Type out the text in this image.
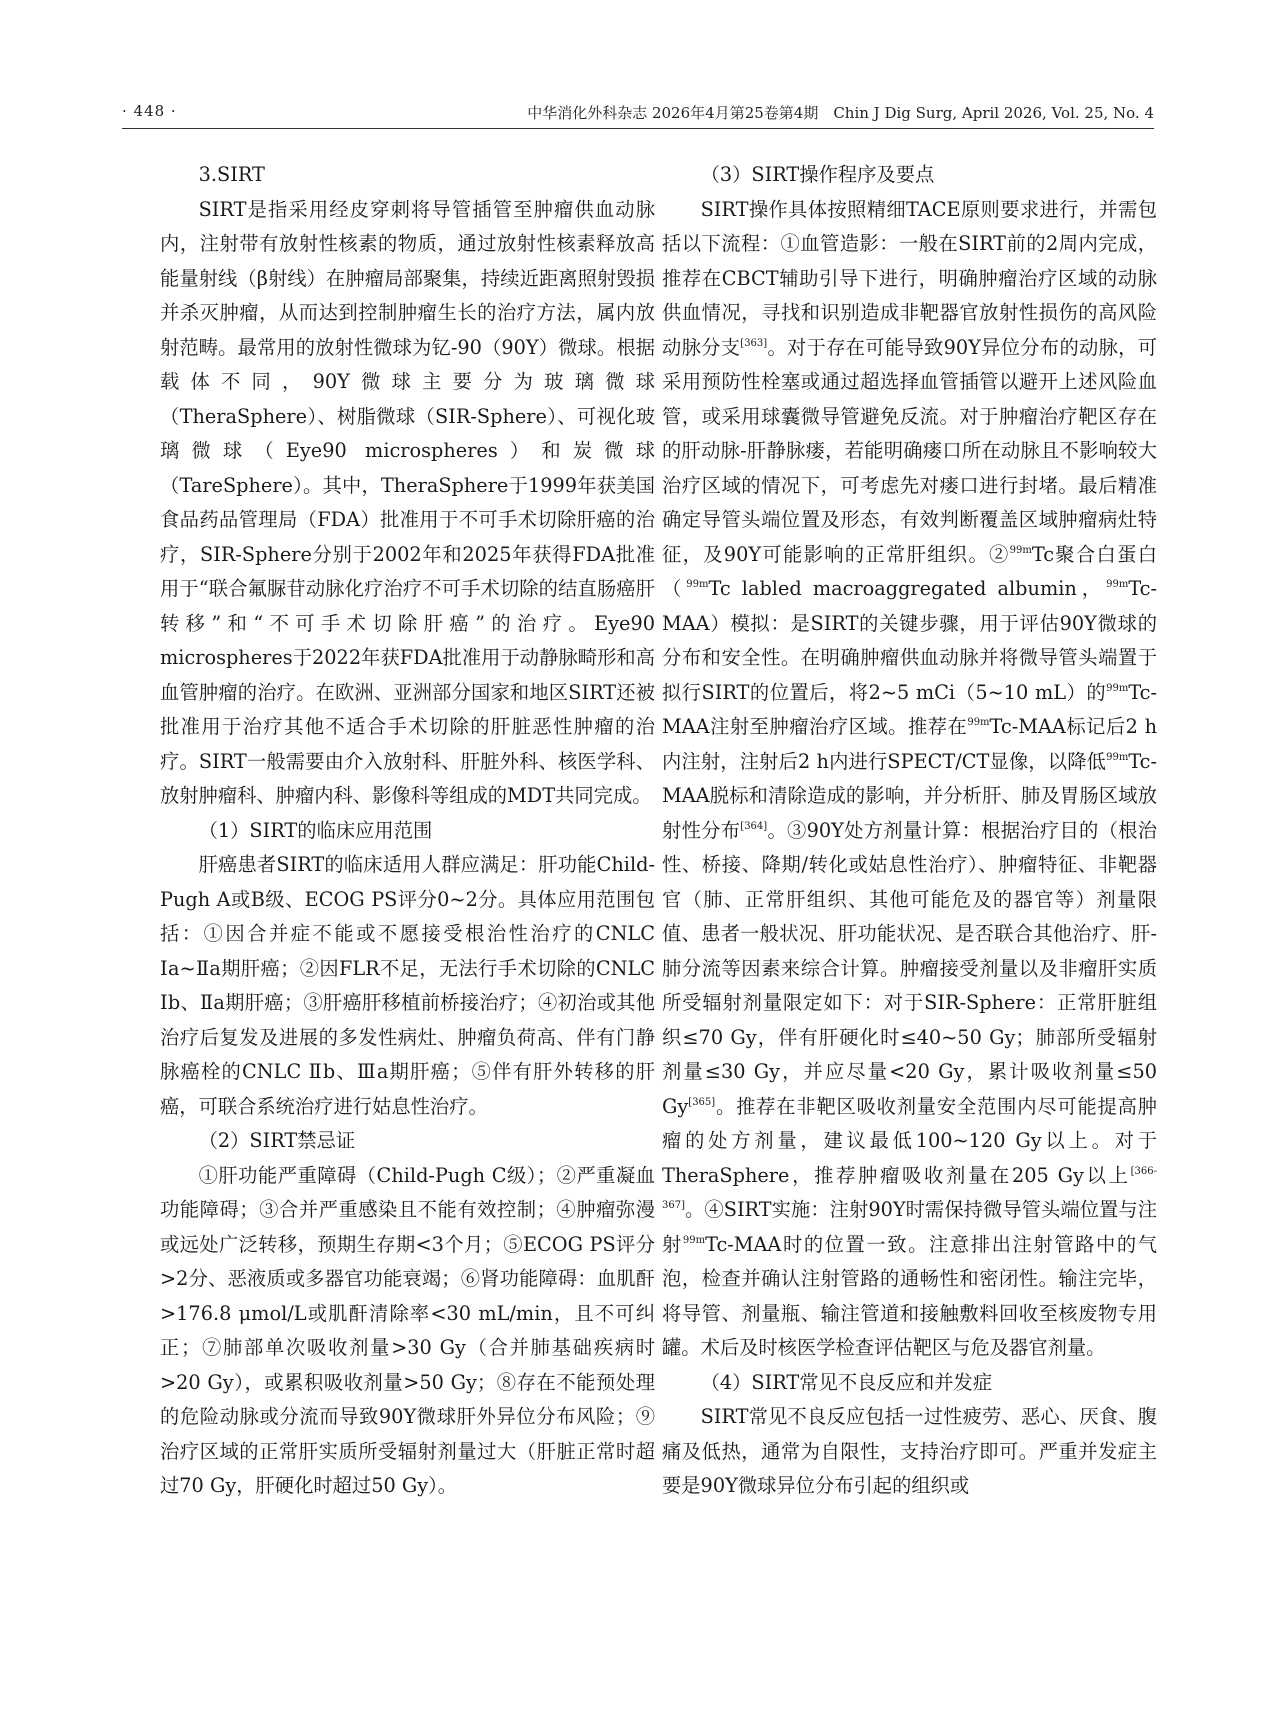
· 448 ·	中华消化外科杂志 2026年4月第25卷第4期　Chin J Dig Surg, April 2026, Vol. 25, No. 4

3.SIRT

SIRT是指采用经皮穿刺将导管插管至肿瘤供血动脉内，注射带有放射性核素的物质，通过放射性核素释放高能量射线（β射线）在肿瘤局部聚集，持续近距离照射毁损并杀灭肿瘤，从而达到控制肿瘤生长的治疗方法，属内放射范畴。最常用的放射性微球为钇-90（90Y）微球。根据载体不同，90Y微球主要分为玻璃微球（TheraSphere）、树脂微球（SIR-Sphere）、可视化玻璃微球（Eye90 microspheres）和炭微球（TareSphere）。其中，TheraSphere于1999年获美国食品药品管理局（FDA）批准用于不可手术切除肝癌的治疗，SIR-Sphere分别于2002年和2025年获得FDA批准用于“联合氟脲苷动脉化疗治疗不可手术切除的结直肠癌肝转移”和“不可手术切除肝癌”的治疗。Eye90 microspheres于2022年获FDA批准用于动静脉畸形和高血管肿瘤的治疗。在欧洲、亚洲部分国家和地区SIRT还被批准用于治疗其他不适合手术切除的肝脏恶性肿瘤的治疗。SIRT一般需要由介入放射科、肝脏外科、核医学科、放射肿瘤科、肿瘤内科、影像科等组成的MDT共同完成。

（1）SIRT的临床应用范围

肝癌患者SIRT的临床适用人群应满足：肝功能Child-Pugh A或B级、ECOG PS评分0~2分。具体应用范围包括：①因合并症不能或不愿接受根治性治疗的CNLC Ⅰa~Ⅱa期肝癌；②因FLR不足，无法行手术切除的CNLC Ⅰb、Ⅱa期肝癌；③肝癌肝移植前桥接治疗；④初治或其他治疗后复发及进展的多发性病灶、肿瘤负荷高、伴有门静脉癌栓的CNLC Ⅱb、Ⅲa期肝癌；⑤伴有肝外转移的肝癌，可联合系统治疗进行姑息性治疗。

（2）SIRT禁忌证

①肝功能严重障碍（Child-Pugh C级）；②严重凝血功能障碍；③合并严重感染且不能有效控制；④肿瘤弥漫或远处广泛转移，预期生存期<3个月；⑤ECOG PS评分>2分、恶液质或多器官功能衰竭；⑥肾功能障碍：血肌酐>176.8 μmol/L或肌酐清除率<30 mL/min，且不可纠正；⑦肺部单次吸收剂量>30 Gy（合并肺基础疾病时>20 Gy），或累积吸收剂量>50 Gy；⑧存在不能预处理的危险动脉或分流而导致90Y微球肝外异位分布风险；⑨治疗区域的正常肝实质所受辐射剂量过大（肝脏正常时超过70 Gy，肝硬化时超过50 Gy）。

（3）SIRT操作程序及要点

SIRT操作具体按照精细TACE原则要求进行，并需包括以下流程：①血管造影：一般在SIRT前的2周内完成，推荐在CBCT辅助引导下进行，明确肿瘤治疗区域的动脉供血情况，寻找和识别造成非靶器官放射性损伤的高风险动脉分支[363]。对于存在可能导致90Y异位分布的动脉，可采用预防性栓塞或通过超选择血管插管以避开上述风险血管，或采用球囊微导管避免反流。对于肿瘤治疗靶区存在的肝动脉-肝静脉瘘，若能明确瘘口所在动脉且不影响较大治疗区域的情况下，可考虑先对瘘口进行封堵。最后精准确定导管头端位置及形态，有效判断覆盖区域肿瘤病灶特征，及90Y可能影响的正常肝组织。②$^{99m}$Tc聚合白蛋白（$^{99m}$Tc labled macroaggregated albumin，$^{99m}$Tc-MAA）模拟：是SIRT的关键步骤，用于评估90Y微球的分布和安全性。在明确肿瘤供血动脉并将微导管头端置于拟行SIRT的位置后，将2~5 mCi（5~10 mL）的$^{99m}$Tc-MAA注射至肿瘤治疗区域。推荐在$^{99m}$Tc-MAA标记后2 h内注射，注射后2 h内进行SPECT/CT显像，以降低$^{99m}$Tc-MAA脱标和清除造成的影响，并分析肝、肺及胃肠区域放射性分布[364]。③90Y处方剂量计算：根据治疗目的（根治性、桥接、降期/转化或姑息性治疗）、肿瘤特征、非靶器官（肺、正常肝组织、其他可能危及的器官等）剂量限值、患者一般状况、肝功能状况、是否联合其他治疗、肝-肺分流等因素来综合计算。肿瘤接受剂量以及非瘤肝实质所受辐射剂量限定如下：对于SIR-Sphere：正常肝脏组织≤70 Gy，伴有肝硬化时≤40~50 Gy；肺部所受辐射剂量≤30 Gy，并应尽量<20 Gy，累计吸收剂量≤50 Gy[365]。推荐在非靶区吸收剂量安全范围内尽可能提高肿瘤的处方剂量，建议最低100~120 Gy以上。对于TheraSphere，推荐肿瘤吸收剂量在205 Gy以上[366-367]。④SIRT实施：注射90Y时需保持微导管头端位置与注射$^{99m}$Tc-MAA时的位置一致。注意排出注射管路中的气泡，检查并确认注射管路的通畅性和密闭性。输注完毕，将导管、剂量瓶、输注管道和接触敷料回收至核废物专用罐。术后及时核医学检查评估靶区与危及器官剂量。

（4）SIRT常见不良反应和并发症

SIRT常见不良反应包括一过性疲劳、恶心、厌食、腹痛及低热，通常为自限性，支持治疗即可。严重并发症主要是90Y微球异位分布引起的组织或
